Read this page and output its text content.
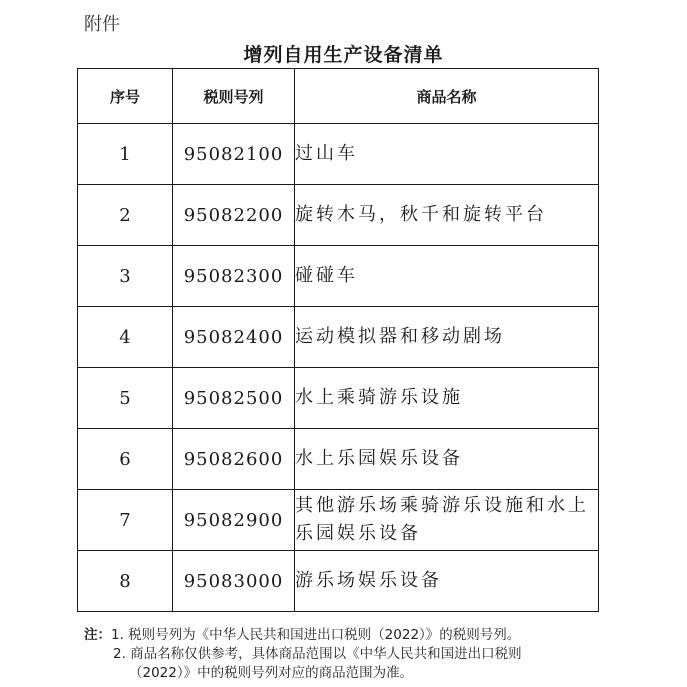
附件
增列自用生产设备清单
序号	税则号列	商品名称
1	95082100	过山车
2	95082200	旋转木马，秋千和旋转平台
3	95082300	碰碰车
4	95082400	运动模拟器和移动剧场
5	95082500	水上乘骑游乐设施
6	95082600	水上乐园娱乐设备
7	95082900	其他游乐场乘骑游乐设施和水上乐园娱乐设备
8	95083000	游乐场娱乐设备
注：1. 税则号列为《中华人民共和国进出口税则（2022）》的税则号列。
2. 商品名称仅供参考，具体商品范围以《中华人民共和国进出口税则
（2022）》中的税则号列对应的商品范围为准。
